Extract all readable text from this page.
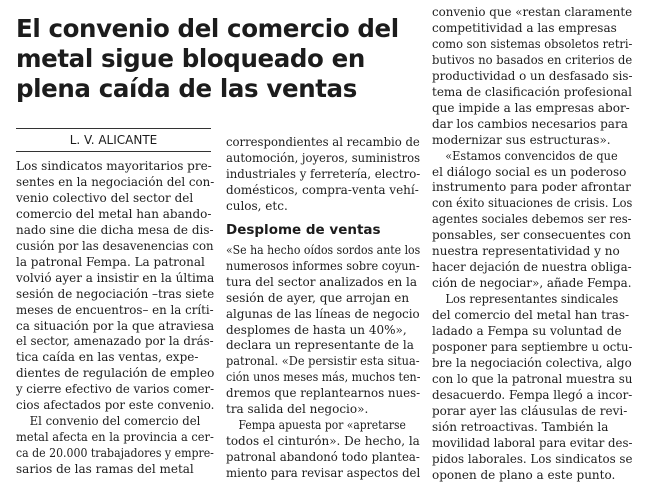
El convenio del comercio del
metal sigue bloqueado en
plena caída de las ventas

L. V. ALICANTE

Los sindicatos mayoritarios pre-
sentes en la negociación del con-
venio colectivo del sector del
comercio del metal han abando-
nado sine die dicha mesa de dis-
cusión por las desavenencias con
la patronal Fempa. La patronal
volvió ayer a insistir en la última
sesión de negociación –tras siete
meses de encuentros– en la críti-
ca situación por la que atraviesa
el sector, amenazado por la drás-
tica caída en las ventas, expe-
dientes de regulación de empleo
y cierre efectivo de varios comer-
cios afectados por este convenio.

El convenio del comercio del
metal afecta en la provincia a cer-
ca de 20.000 trabajadores y empre-
sarios de las ramas del metal

correspondientes al recambio de
automoción, joyeros, suministros
industriales y ferretería, electro-
domésticos, compra-venta vehí-
culos, etc.

Desplome de ventas

«Se ha hecho oídos sordos ante los
numerosos informes sobre coyun-
tura del sector analizados en la
sesión de ayer, que arrojan en
algunas de las líneas de negocio
desplomes de hasta un 40%»,
declara un representante de la
patronal. «De persistir esta situa-
ción unos meses más, muchos ten-
dremos que replantearnos nues-
tra salida del negocio».

Fempa apuesta por «apretarse
todos el cinturón». De hecho, la
patronal abandonó todo planteа-
miento para revisar aspectos del

convenio que «restan claramente
competitividad a las empresas
como son sistemas obsoletos retri-
butivos no basados en criterios de
productividad o un desfasado sis-
tema de clasificación profesional
que impide a las empresas abor-
dar los cambios necesarios para
modernizar sus estructuras».

«Estamos convencidos de que
el diálogo social es un poderoso
instrumento para poder afrontar
con éxito situaciones de crisis. Los
agentes sociales debemos ser res-
ponsables, ser consecuentes con
nuestra representatividad y no
hacer dejación de nuestra obliga-
ción de negociar», añade Fempa.

Los representantes sindicales
del comercio del metal han tras-
ladado a Fempa su voluntad de
posponer para septiembre u octu-
bre la negociación colectiva, algo
con lo que la patronal muestra su
desacuerdo. Fempa llegó a incor-
porar ayer las cláusulas de revi-
sión retroactivas. También la
movilidad laboral para evitar des-
pidos laborales. Los sindicatos se
oponen de plano a este punto.
